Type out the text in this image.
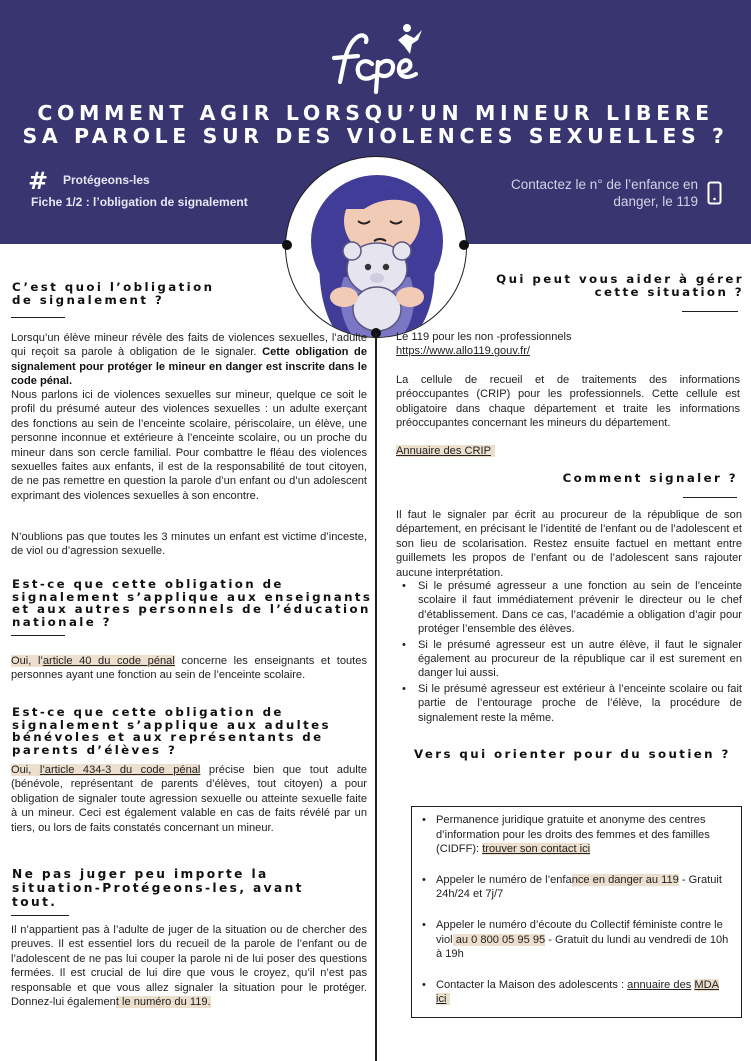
COMMENT AGIR LORSQU’UN MINEUR LIBERE
SA PAROLE SUR DES VIOLENCES SEXUELLES ?
# Protégeons-les
Fiche 1/2 : l’obligation de signalement
Contactez le n° de l’enfance en
danger, le 119
C’est quoi l’obligation
de signalement ?
Lorsqu’un élève mineur révèle des faits de violences sexuelles, l’adulte qui reçoit sa parole à obligation de le signaler. Cette obligation de signalement pour protéger le mineur en danger est inscrite dans le code pénal.
Nous parlons ici de violences sexuelles sur mineur, quelque ce soit le profil du présumé auteur des violences sexuelles : un adulte exerçant des fonctions au sein de l’enceinte scolaire, périscolaire, un élève, une personne inconnue et extérieure à l’enceinte scolaire, ou un proche du mineur dans son cercle familial. Pour combattre le fléau des violences sexuelles faites aux enfants, il est de la responsabilité de tout citoyen, de ne pas remettre en question la parole d’un enfant ou d’un adolescent exprimant des violences sexuelles à son encontre.
N’oublions pas que toutes les 3 minutes un enfant est victime d’inceste, de viol ou d’agression sexuelle.
Est-ce que cette obligation de
signalement s’applique aux enseignants
et aux autres personnels de l’éducation
nationale ?
Oui, l’article 40 du code pénal concerne les enseignants et toutes personnes ayant une fonction au sein de l’enceinte scolaire.
Est-ce que cette obligation de
signalement s’applique aux adultes
bénévoles et aux représentants de
parents d’élèves ?
Oui, l’article 434-3 du code pénal précise bien que tout adulte (bénévole, représentant de parents d’élèves, tout citoyen) a pour obligation de signaler toute agression sexuelle ou atteinte sexuelle faite à un mineur. Ceci est également valable en cas de faits révélé par un tiers, ou lors de faits constatés concernant un mineur.
Ne pas juger peu importe la
situation-Protégeons-les, avant
tout.
Il n’appartient pas à l’adulte de juger de la situation ou de chercher des preuves. Il est essentiel lors du recueil de la parole de l’enfant ou de l’adolescent de ne pas lui couper la parole ni de lui poser des questions fermées. Il est crucial de lui dire que vous le croyez, qu’il n’est pas responsable et que vous allez signaler la situation pour le protéger. Donnez-lui également le numéro du 119.
Qui peut vous aider à gérer
cette situation ?
Le 119 pour les non -professionnels
https://www.allo119.gouv.fr/
La cellule de recueil et de traitements des informations préoccupantes (CRIP) pour les professionnels. Cette cellule est obligatoire dans chaque département et traite les informations préoccupantes concernant les mineurs du département.
Annuaire des CRIP
Comment signaler ?
Il faut le signaler par écrit au procureur de la république de son département, en précisant le l’identité de l’enfant ou de l’adolescent et son lieu de scolarisation. Restez ensuite factuel en mettant entre guillemets les propos de l’enfant ou de l’adolescent sans rajouter aucune interprétation.
• Si le présumé agresseur a une fonction au sein de l’enceinte scolaire il faut immédiatement prévenir le directeur ou le chef d’établissement. Dans ce cas, l’académie a obligation d’agir pour protéger l’ensemble des élèves.
• Si le présumé agresseur est un autre élève, il faut le signaler également au procureur de la république car il est surement en danger lui aussi.
• Si le présumé agresseur est extérieur à l’enceinte scolaire ou fait partie de l’entourage proche de l’élève, la procédure de signalement reste la même.
Vers qui orienter pour du soutien ?
• Permanence juridique gratuite et anonyme des centres d’information pour les droits des femmes et des familles (CIDFF): trouver son contact ici
• Appeler le numéro de l’enfance en danger au 119 - Gratuit 24h/24 et 7j/7
• Appeler le numéro d’écoute du Collectif féministe contre le viol au 0 800 05 95 95 - Gratuit du lundi au vendredi de 10h à 19h
• Contacter la Maison des adolescents : annuaire des MDA ici
